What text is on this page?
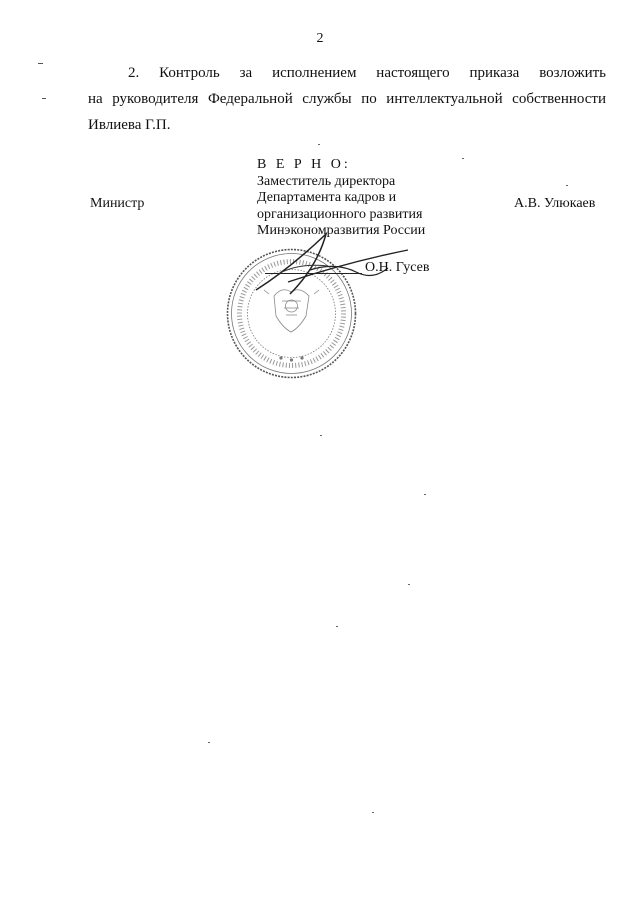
2
2. Контроль за исполнением настоящего приказа возложить
на руководителя Федеральной службы по интеллектуальной собственности
Ивлиева Г.П.
Министр	А.В. Улюкаев
В Е Р Н О:
Заместитель директора
Департамента кадров и
организационного развития
Минэкономразвития России
О.Н. Гусев
